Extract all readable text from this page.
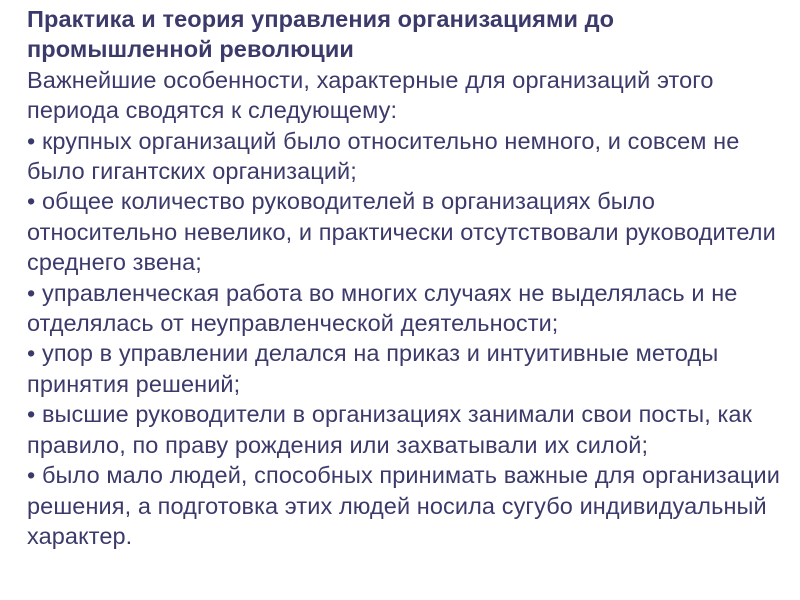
Практика и теория управления организациями до промышленной революции

Важнейшие особенности, характерные для организаций этого периода сводятся к следующему:

• крупных организаций было относительно немного, и совсем не было гигантских организаций;
• общее количество руководителей в организациях было относительно невелико, и практически отсутствовали руководители среднего звена;
• управленческая работа во многих случаях не выделялась и не отделялась от неуправленческой деятельности;
• упор в управлении делался на приказ и интуитивные методы принятия решений;
• высшие руководители в организациях занимали свои посты, как правило, по праву рождения или захватывали их силой;
• было мало людей, способных принимать важные для организации решения, а подготовка этих людей носила сугубо индивидуальный характер.
